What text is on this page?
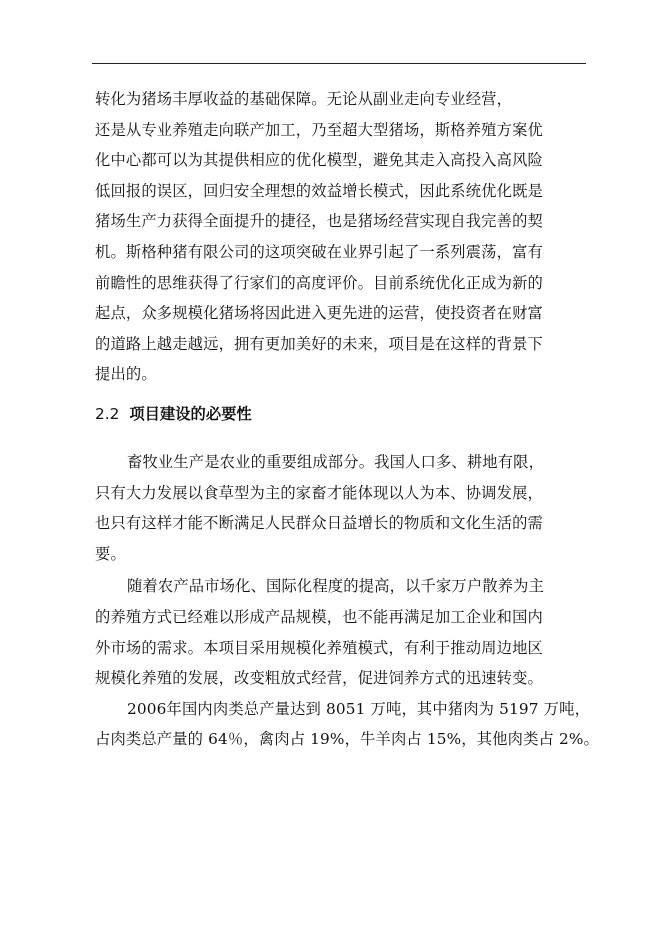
转化为猪场丰厚收益的基础保障。无论从副业走向专业经营，
还是从专业养殖走向联产加工，乃至超大型猪场，斯格养殖方案优
化中心都可以为其提供相应的优化模型，避免其走入高投入高风险
低回报的误区，回归安全理想的效益增长模式，因此系统优化既是
猪场生产力获得全面提升的捷径，也是猪场经营实现自我完善的契
机。斯格种猪有限公司的这项突破在业界引起了一系列震荡，富有
前瞻性的思维获得了行家们的高度评价。目前系统优化正成为新的
起点，众多规模化猪场将因此进入更先进的运营，使投资者在财富
的道路上越走越远，拥有更加美好的未来，项目是在这样的背景下
提出的。
2.2 项目建设的必要性
畜牧业生产是农业的重要组成部分。我国人口多、耕地有限，
只有大力发展以食草型为主的家畜才能体现以人为本、协调发展，
也只有这样才能不断满足人民群众日益增长的物质和文化生活的需
要。
随着农产品市场化、国际化程度的提高，以千家万户散养为主
的养殖方式已经难以形成产品规模，也不能再满足加工企业和国内
外市场的需求。本项目采用规模化养殖模式，有利于推动周边地区
规模化养殖的发展，改变粗放式经营，促进饲养方式的迅速转变。
2006年国内肉类总产量达到 8051 万吨，其中猪肉为 5197 万吨，
占肉类总产量的 64％，禽肉占 19%，牛羊肉占 15%，其他肉类占 2%。
